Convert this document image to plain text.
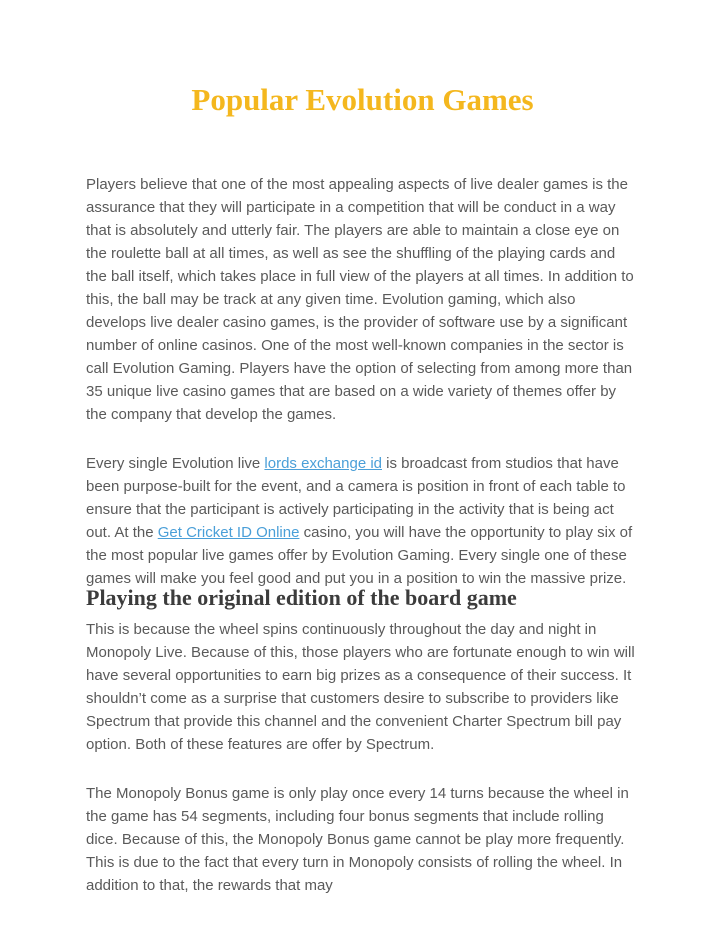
Popular Evolution Games

Players believe that one of the most appealing aspects of live dealer games is the assurance that they will participate in a competition that will be conduct in a way that is absolutely and utterly fair. The players are able to maintain a close eye on the roulette ball at all times, as well as see the shuffling of the playing cards and the ball itself, which takes place in full view of the players at all times. In addition to this, the ball may be track at any given time. Evolution gaming, which also develops live dealer casino games, is the provider of software use by a significant number of online casinos. One of the most well-known companies in the sector is call Evolution Gaming. Players have the option of selecting from among more than 35 unique live casino games that are based on a wide variety of themes offer by the company that develop the games.

Every single Evolution live lords exchange id is broadcast from studios that have been purpose-built for the event, and a camera is position in front of each table to ensure that the participant is actively participating in the activity that is being act out. At the Get Cricket ID Online casino, you will have the opportunity to play six of the most popular live games offer by Evolution Gaming. Every single one of these games will make you feel good and put you in a position to win the massive prize.

Playing the original edition of the board game

This is because the wheel spins continuously throughout the day and night in Monopoly Live. Because of this, those players who are fortunate enough to win will have several opportunities to earn big prizes as a consequence of their success. It shouldn’t come as a surprise that customers desire to subscribe to providers like Spectrum that provide this channel and the convenient Charter Spectrum bill pay option. Both of these features are offer by Spectrum.

The Monopoly Bonus game is only play once every 14 turns because the wheel in the game has 54 segments, including four bonus segments that include rolling dice. Because of this, the Monopoly Bonus game cannot be play more frequently. This is due to the fact that every turn in Monopoly consists of rolling the wheel. In addition to that, the rewards that may
